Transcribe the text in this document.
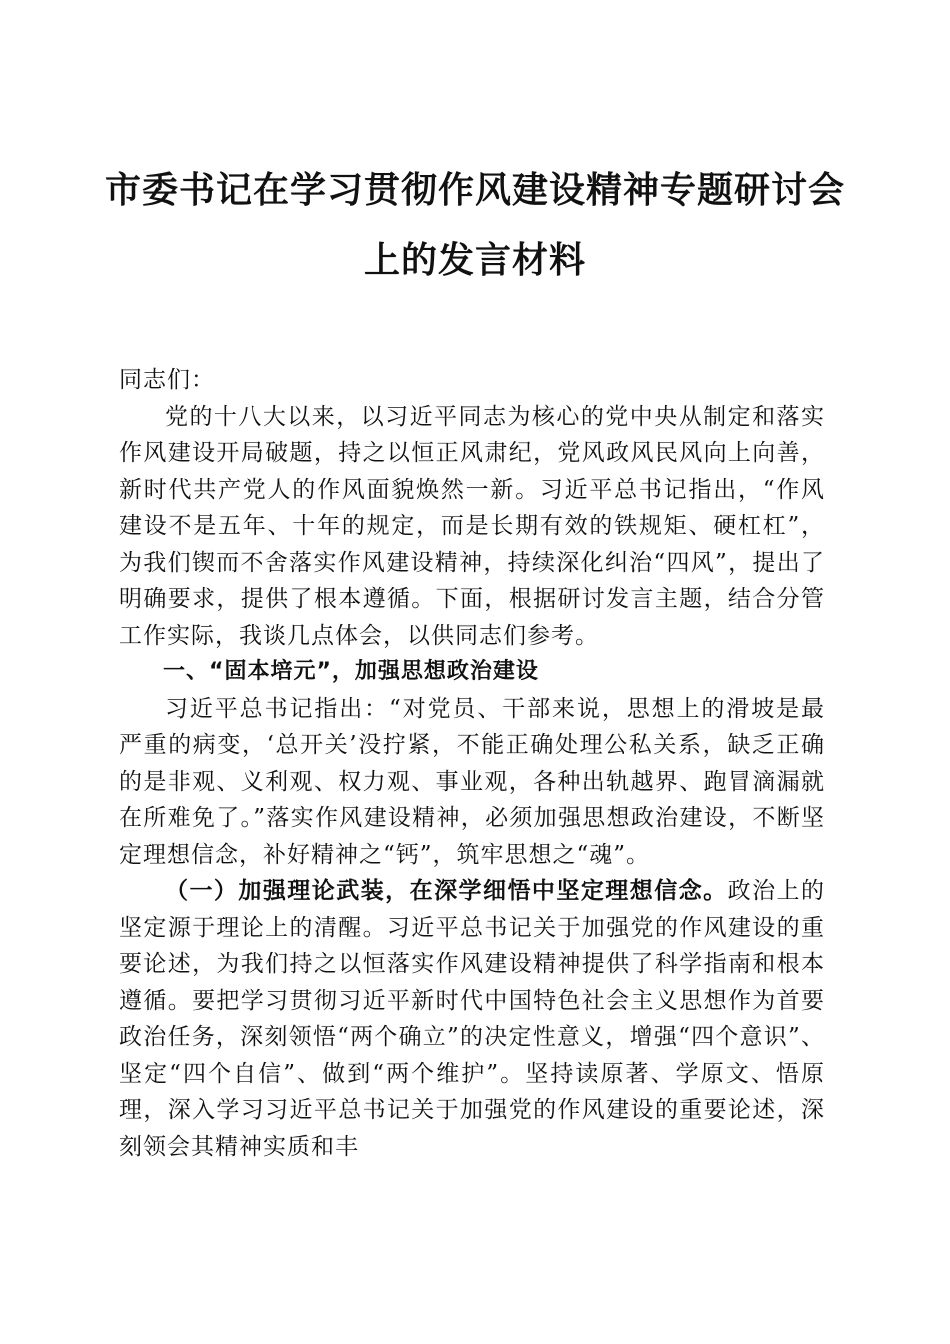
市委书记在学习贯彻作风建设精神专题研讨会
上的发言材料

同志们：

党的十八大以来，以习近平同志为核心的党中央从制定和落实作风建设开局破题，持之以恒正风肃纪，党风政风民风向上向善，新时代共产党人的作风面貌焕然一新。习近平总书记指出，“作风建设不是五年、十年的规定，而是长期有效的铁规矩、硬杠杠”，为我们锲而不舍落实作风建设精神，持续深化纠治“四风”，提出了明确要求，提供了根本遵循。下面，根据研讨发言主题，结合分管工作实际，我谈几点体会，以供同志们参考。

一、“固本培元”，加强思想政治建设

习近平总书记指出：“对党员、干部来说，思想上的滑坡是最严重的病变，‘总开关’没拧紧，不能正确处理公私关系，缺乏正确的是非观、义利观、权力观、事业观，各种出轨越界、跑冒滴漏就在所难免了。”落实作风建设精神，必须加强思想政治建设，不断坚定理想信念，补好精神之“钙”，筑牢思想之“魂”。

（一）加强理论武装，在深学细悟中坚定理想信念。政治上的坚定源于理论上的清醒。习近平总书记关于加强党的作风建设的重要论述，为我们持之以恒落实作风建设精神提供了科学指南和根本遵循。要把学习贯彻习近平新时代中国特色社会主义思想作为首要政治任务，深刻领悟“两个确立”的决定性意义，增强“四个意识”、坚定“四个自信”、做到“两个维护”。坚持读原著、学原文、悟原理，深入学习习近平总书记关于加强党的作风建设的重要论述，深刻领会其精神实质和丰
